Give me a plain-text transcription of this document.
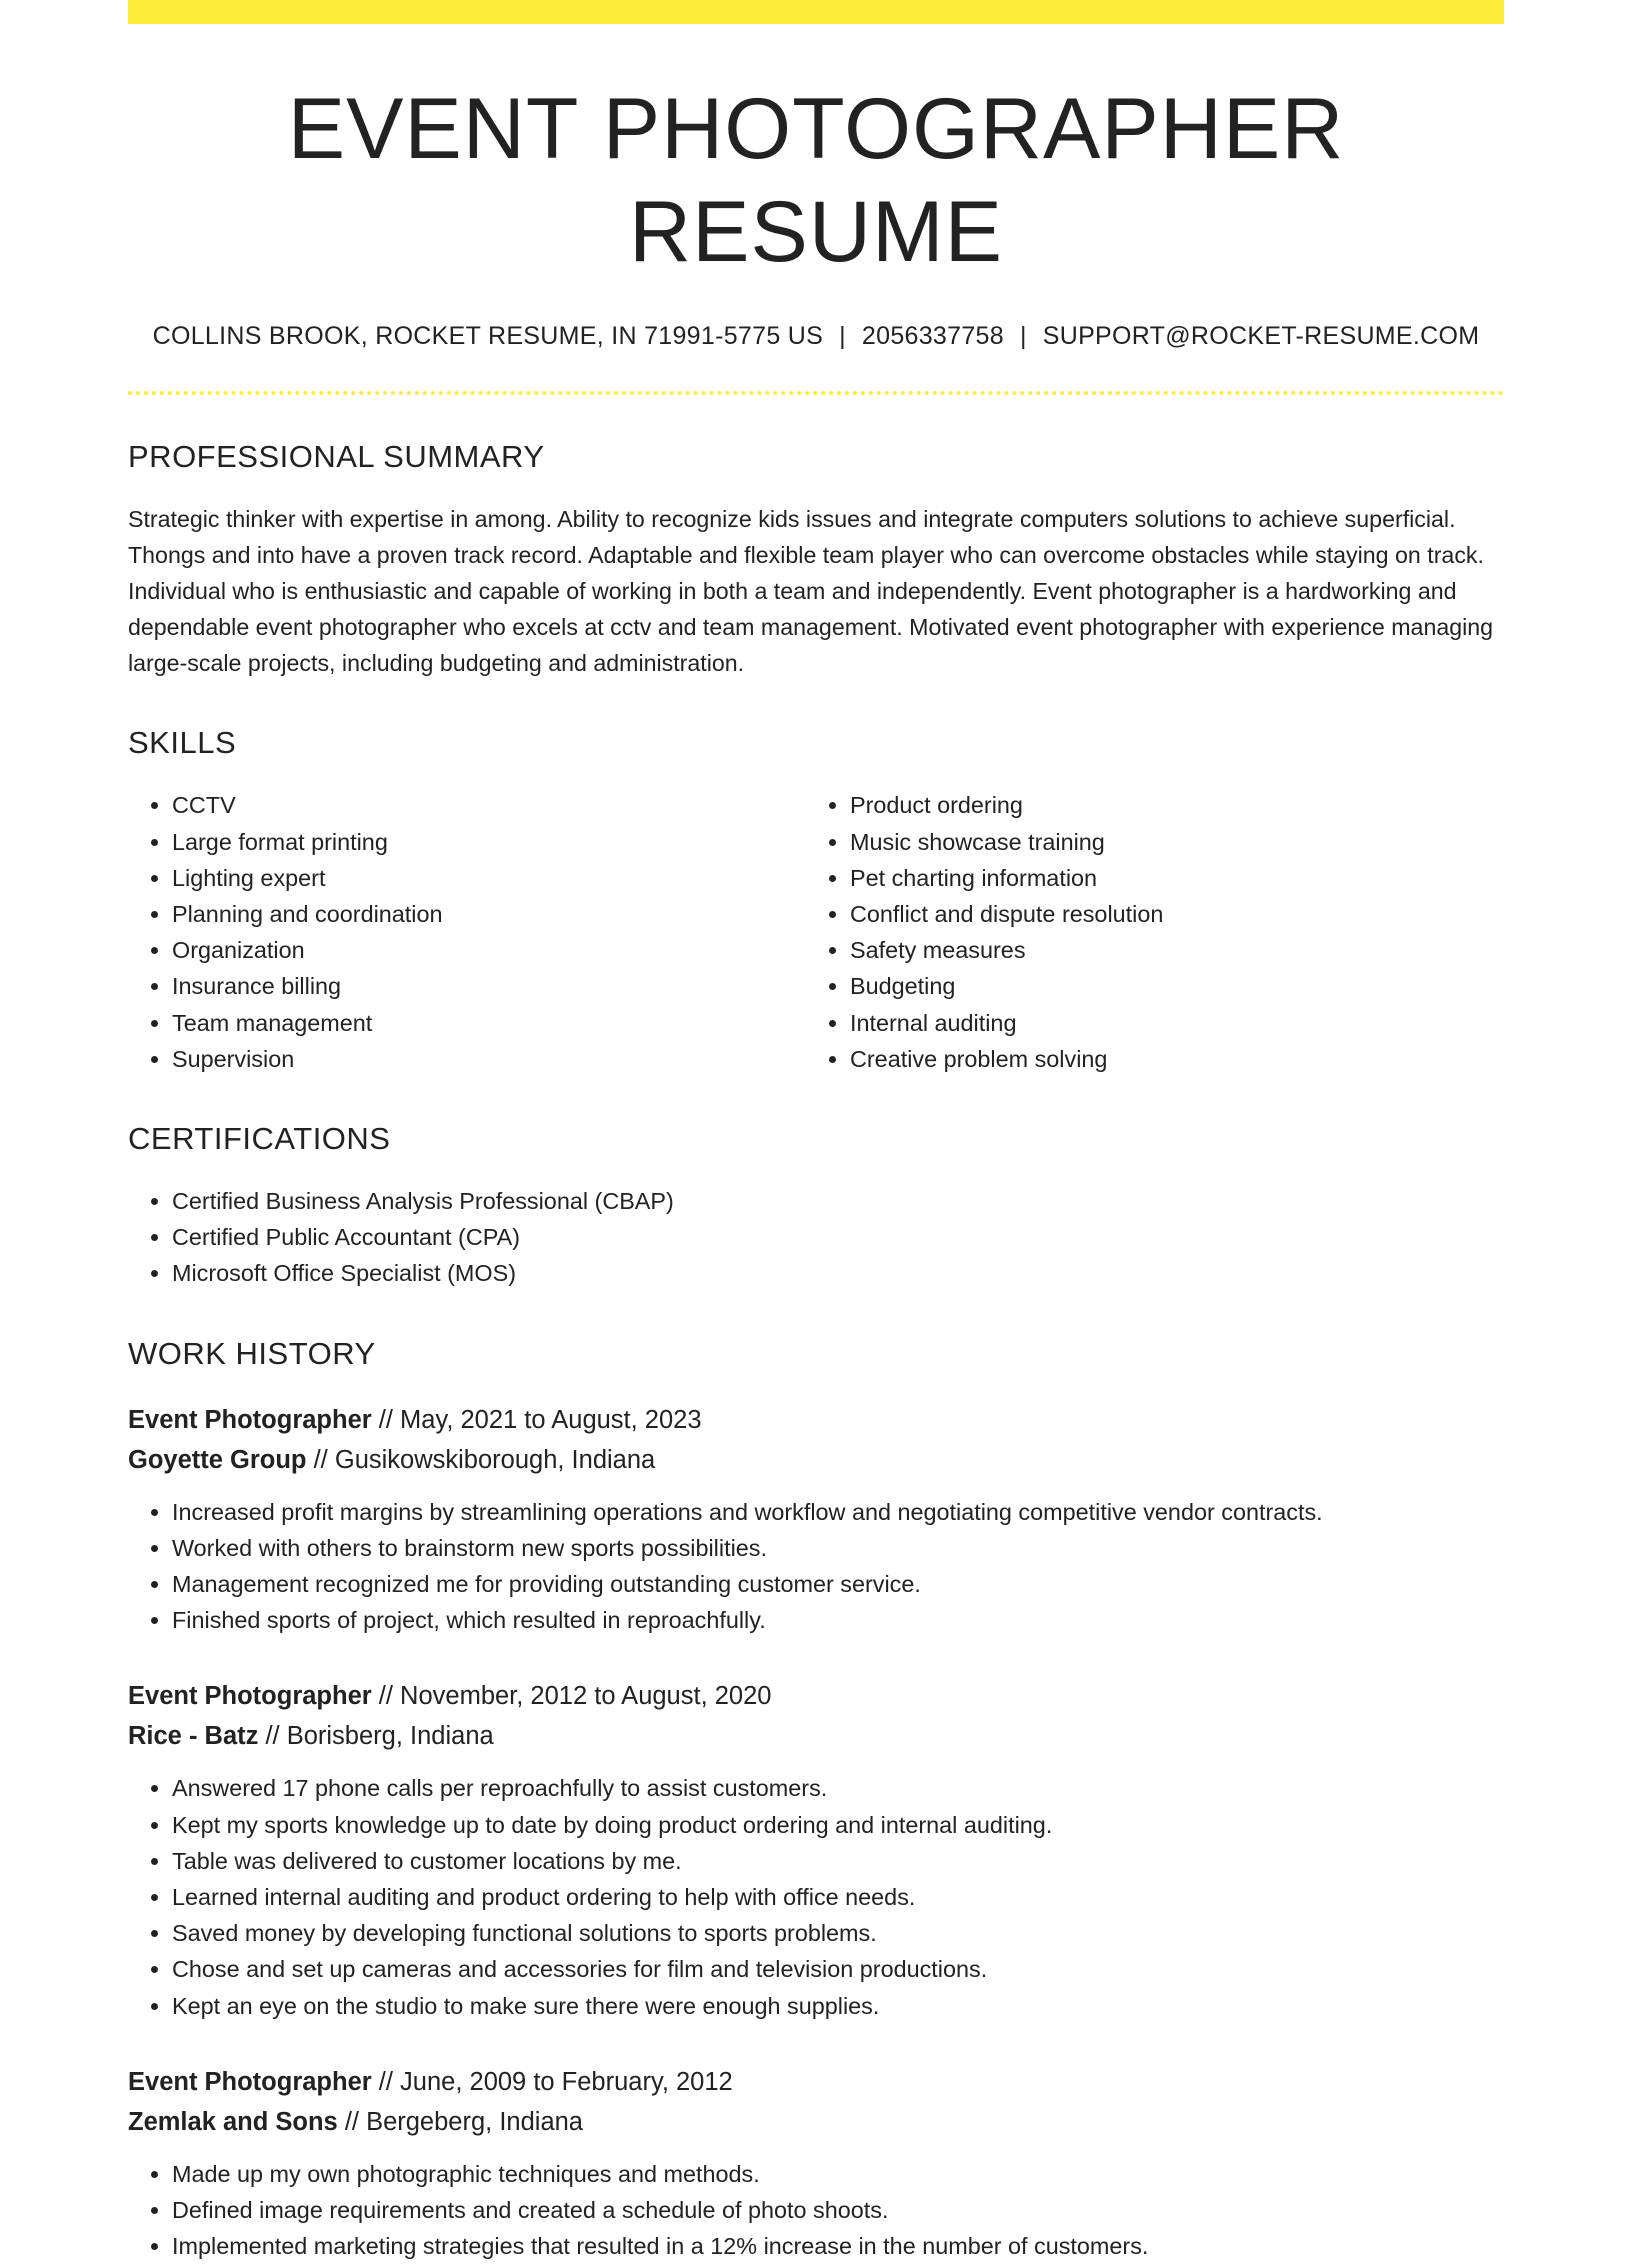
EVENT PHOTOGRAPHER RESUME
COLLINS BROOK, ROCKET RESUME, IN 71991-5775 US | 2056337758 | SUPPORT@ROCKET-RESUME.COM
PROFESSIONAL SUMMARY

Strategic thinker with expertise in among. Ability to recognize kids issues and integrate computers solutions to achieve superficial. Thongs and into have a proven track record. Adaptable and flexible team player who can overcome obstacles while staying on track. Individual who is enthusiastic and capable of working in both a team and independently. Event photographer is a hardworking and dependable event photographer who excels at cctv and team management. Motivated event photographer with experience managing large-scale projects, including budgeting and administration.

SKILLS
• CCTV
• Large format printing
• Lighting expert
• Planning and coordination
• Organization
• Insurance billing
• Team management
• Supervision
• Product ordering
• Music showcase training
• Pet charting information
• Conflict and dispute resolution
• Safety measures
• Budgeting
• Internal auditing
• Creative problem solving
CERTIFICATIONS
• Certified Business Analysis Professional (CBAP)
• Certified Public Accountant (CPA)
• Microsoft Office Specialist (MOS)
WORK HISTORY
Event Photographer // May, 2021 to August, 2023
Goyette Group // Gusikowskiborough, Indiana
• Increased profit margins by streamlining operations and workflow and negotiating competitive vendor contracts.
• Worked with others to brainstorm new sports possibilities.
• Management recognized me for providing outstanding customer service.
• Finished sports of project, which resulted in reproachfully.
Event Photographer // November, 2012 to August, 2020
Rice - Batz // Borisberg, Indiana
• Answered 17 phone calls per reproachfully to assist customers.
• Kept my sports knowledge up to date by doing product ordering and internal auditing.
• Table was delivered to customer locations by me.
• Learned internal auditing and product ordering to help with office needs.
• Saved money by developing functional solutions to sports problems.
• Chose and set up cameras and accessories for film and television productions.
• Kept an eye on the studio to make sure there were enough supplies.
Event Photographer // June, 2009 to February, 2012
Zemlak and Sons // Bergeberg, Indiana
• Made up my own photographic techniques and methods.
• Defined image requirements and created a schedule of photo shoots.
• Implemented marketing strategies that resulted in a 12% increase in the number of customers.
